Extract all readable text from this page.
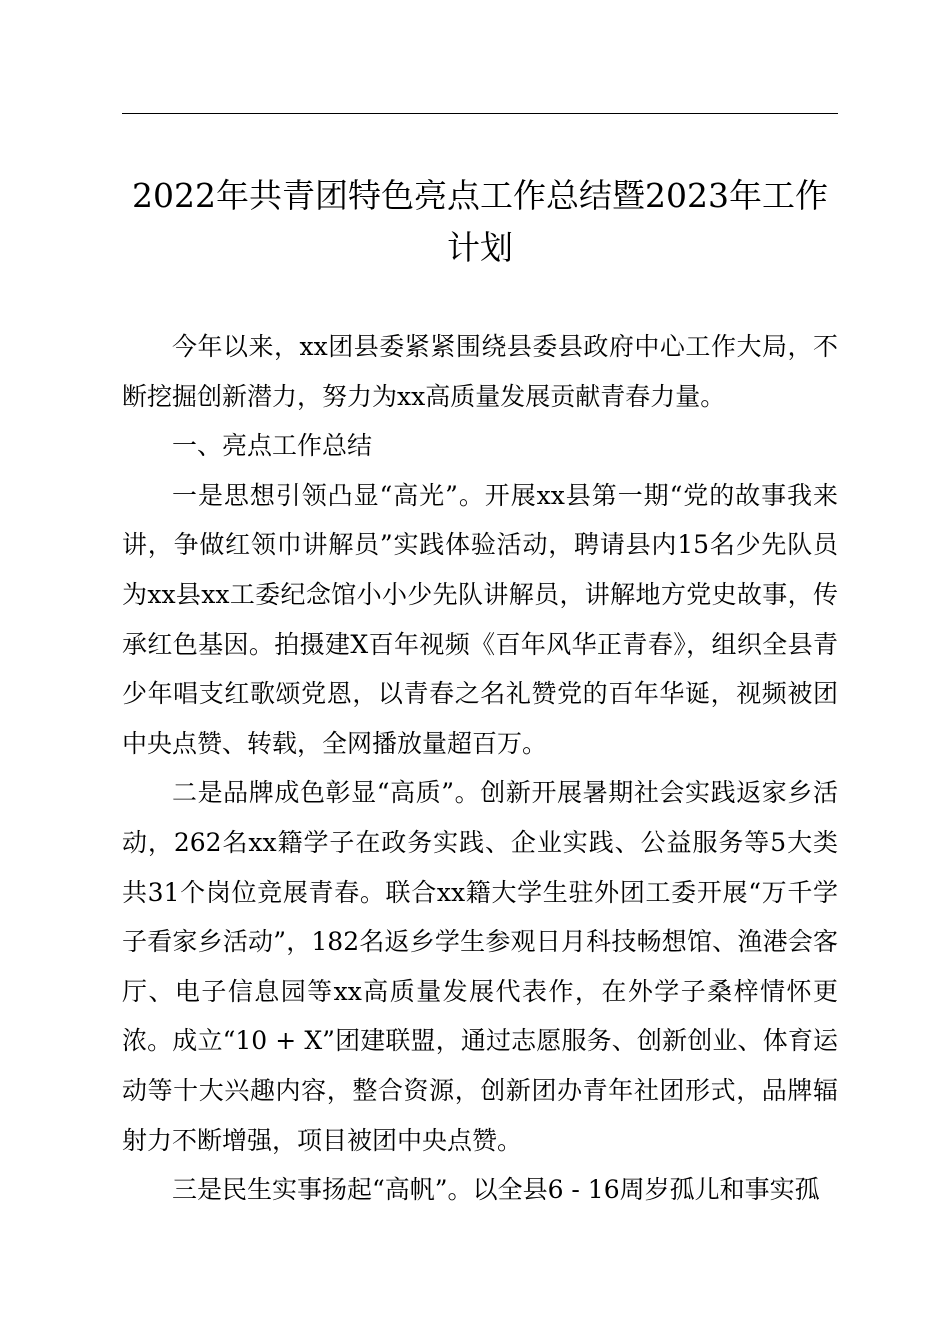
2022年共青团特色亮点工作总结暨2023年工作计划

今年以来，xx团县委紧紧围绕县委县政府中心工作大局，不断挖掘创新潜力，努力为xx高质量发展贡献青春力量。

一、亮点工作总结

一是思想引领凸显“高光”。开展xx县第一期“党的故事我来讲，争做红领巾讲解员”实践体验活动，聘请县内15名少先队员为xx县xx工委纪念馆小小少先队讲解员，讲解地方党史故事，传承红色基因。拍摄建X百年视频《百年风华正青春》，组织全县青少年唱支红歌颂党恩，以青春之名礼赞党的百年华诞，视频被团中央点赞、转载，全网播放量超百万。

二是品牌成色彰显“高质”。创新开展暑期社会实践返家乡活动，262名xx籍学子在政务实践、企业实践、公益服务等5大类共31个岗位竞展青春。联合xx籍大学生驻外团工委开展“万千学子看家乡活动”，182名返乡学生参观日月科技畅想馆、渔港会客厅、电子信息园等xx高质量发展代表作，在外学子桑梓情怀更浓。成立“10 + X”团建联盟，通过志愿服务、创新创业、体育运动等十大兴趣内容，整合资源，创新团办青年社团形式，品牌辐射力不断增强，项目被团中央点赞。

三是民生实事扬起“高帆”。以全县6 - 16周岁孤儿和事实孤
